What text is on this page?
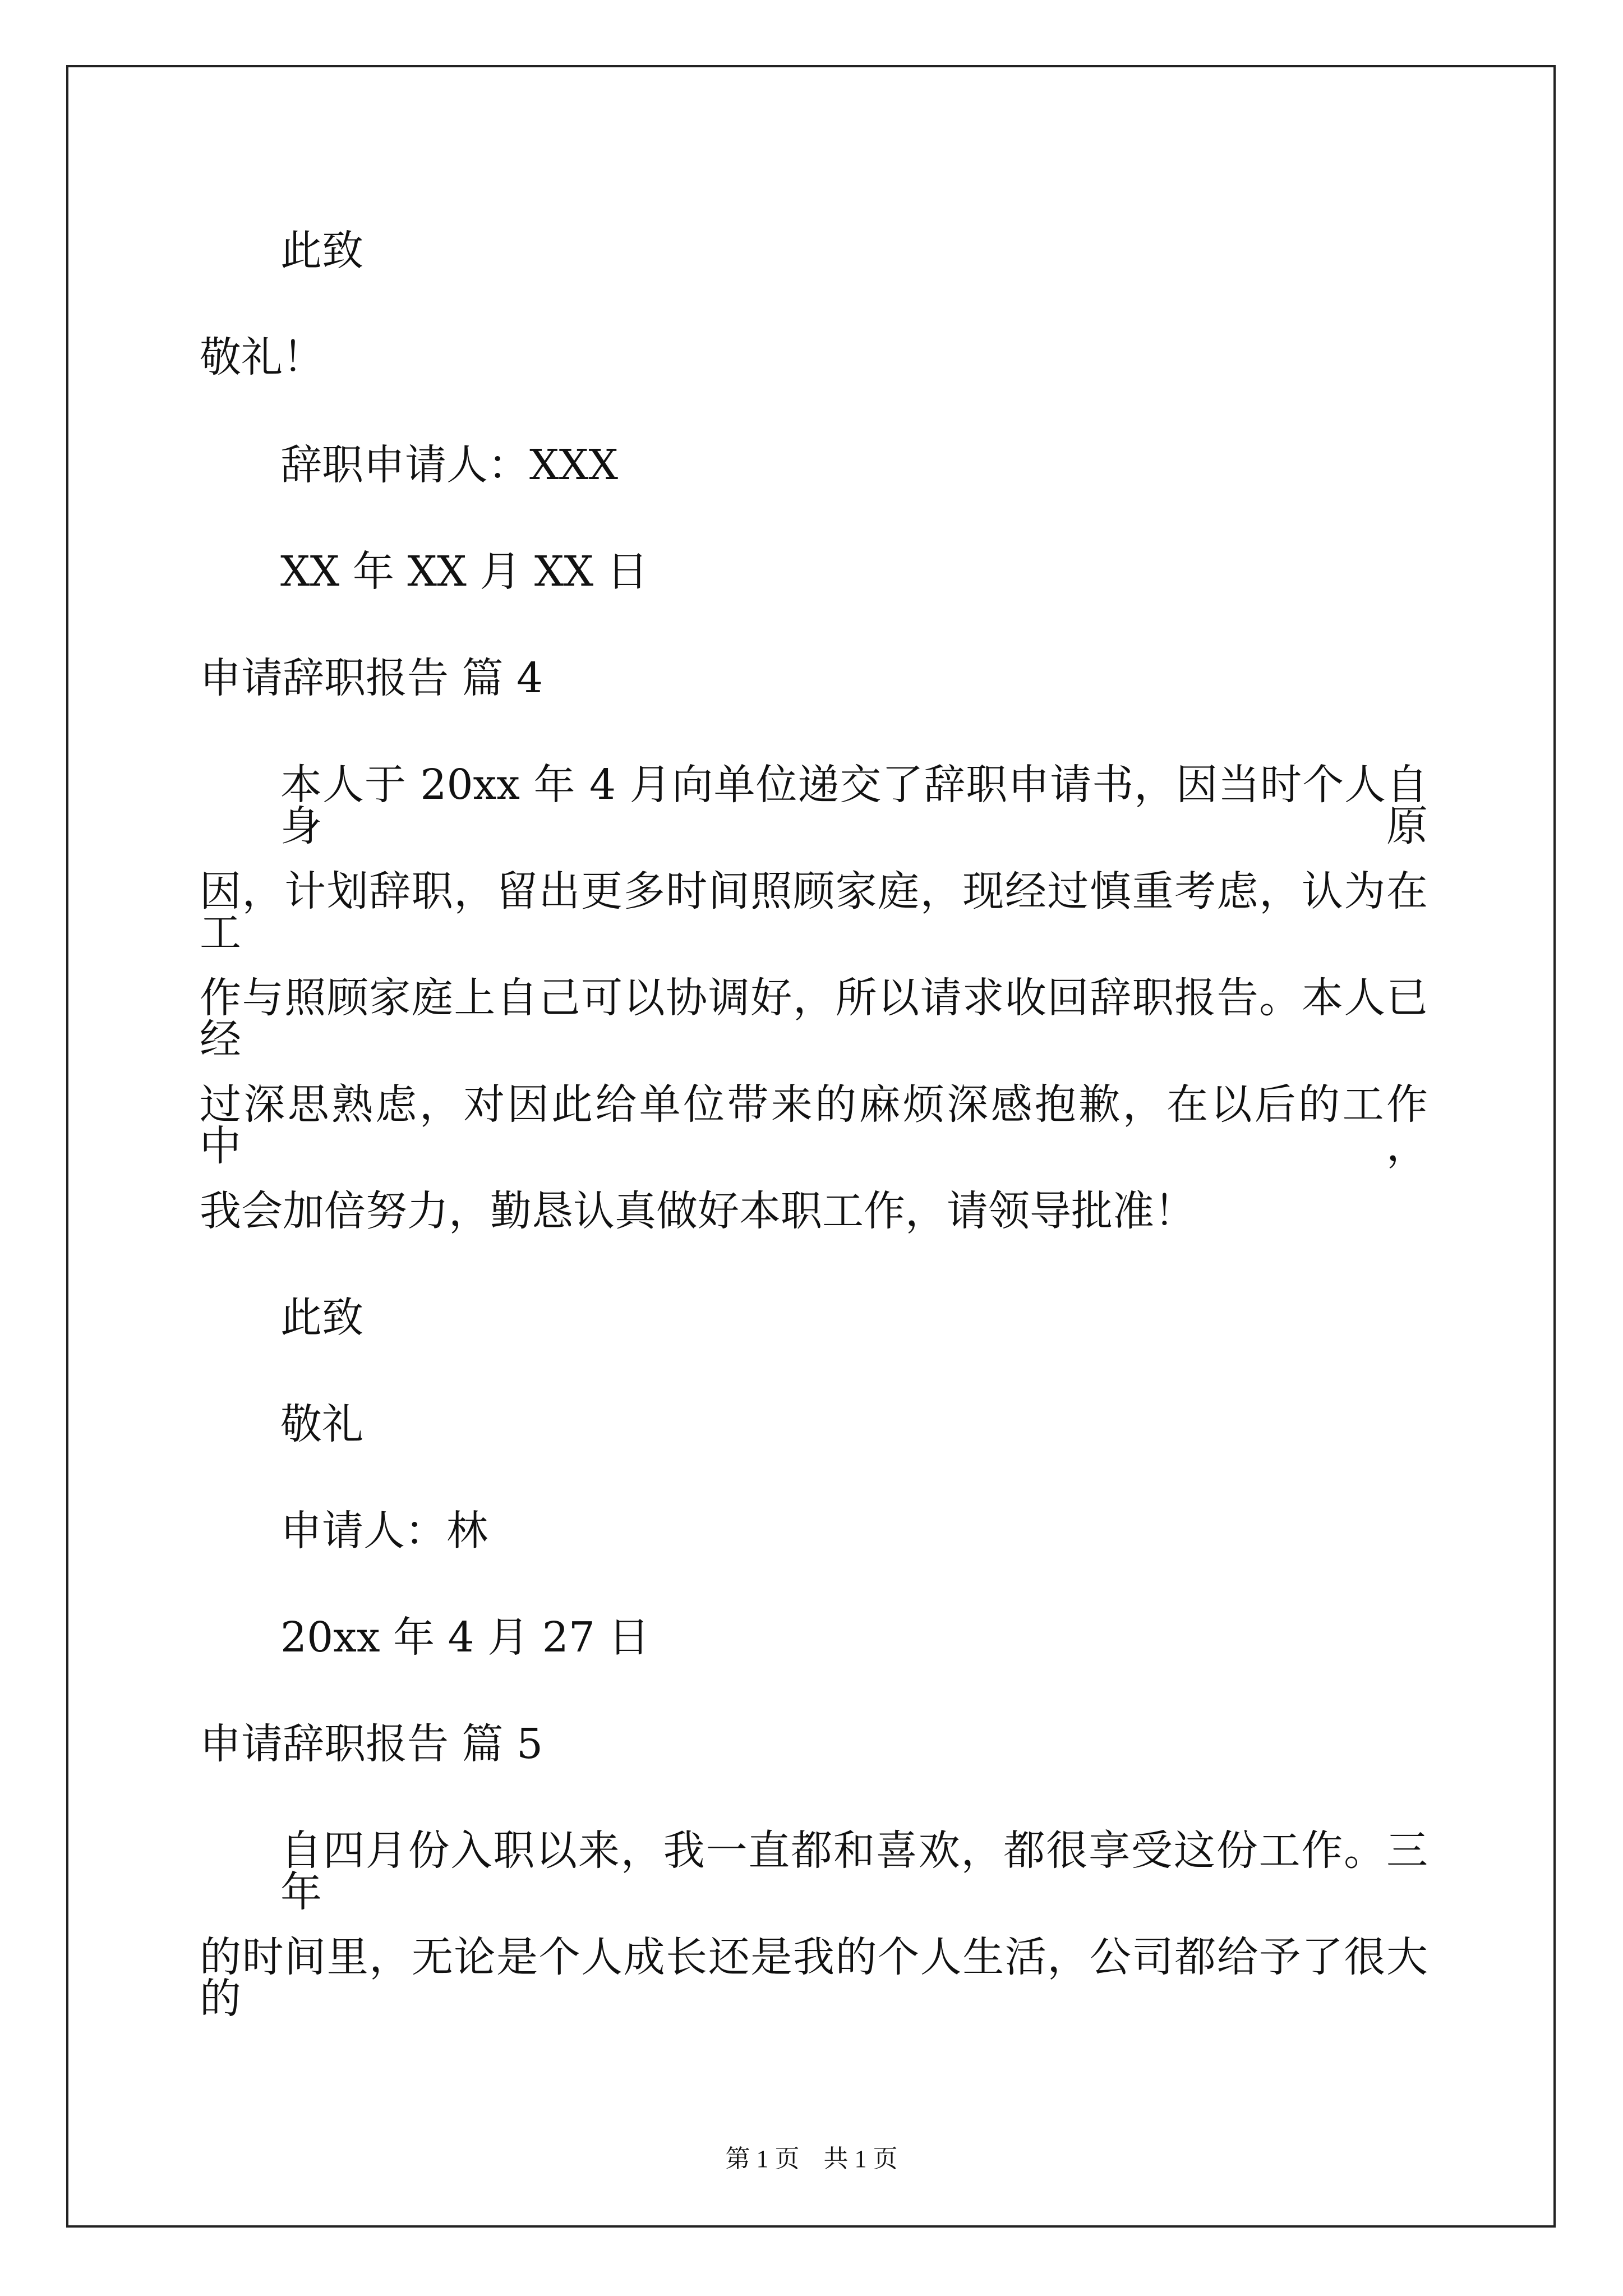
此致
敬礼！
辞职申请人：XXX
XX 年 XX 月 XX 日
申请辞职报告 篇 4
本人于 20xx 年 4 月向单位递交了辞职申请书，因当时个人自身原
因，计划辞职，留出更多时间照顾家庭，现经过慎重考虑，认为在工
作与照顾家庭上自己可以协调好，所以请求收回辞职报告。本人已经
过深思熟虑，对因此给单位带来的麻烦深感抱歉，在以后的工作中，
我会加倍努力，勤恳认真做好本职工作，请领导批准！
此致
敬礼
申请人：林
20xx 年 4 月 27 日
申请辞职报告 篇 5
自四月份入职以来，我一直都和喜欢，都很享受这份工作。三年
的时间里，无论是个人成长还是我的个人生活，公司都给予了很大的
第 1 页 共 1 页
